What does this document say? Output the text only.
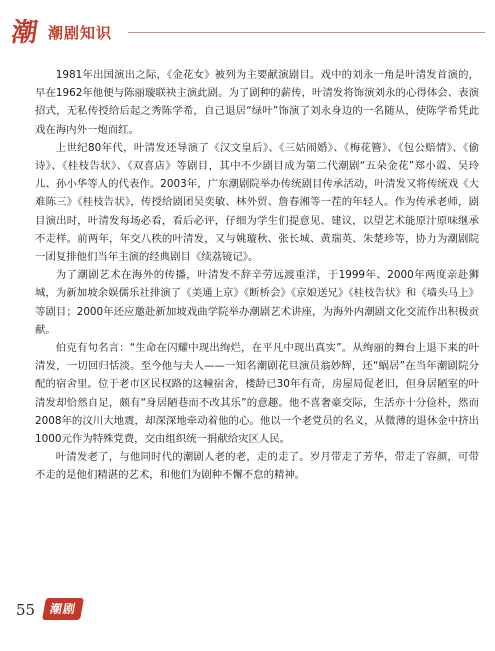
潮 潮剧知识

1981年出国演出之际，《金花女》被列为主要献演剧目。戏中的刘永一角是叶清发首演的，早在1962年他便与陈丽璇联袂主演此剧。为了剧种的薪传，叶清发将饰演刘永的心得体会、表演招式，无私传授给后起之秀陈学希，自己退居“绿叶”饰演了刘永身边的一名随从，使陈学希凭此戏在海内外一炮而红。

上世纪80年代，叶清发还导演了《汉文皇后》、《三姑闹婚》、《梅花簪》、《包公赔情》、《偷诗》、《桂枝告状》、《双喜店》等剧目，其中不少剧目成为第二代潮剧“五朵金花”郑小霞、吴玲儿、孙小华等人的代表作。2003年，广东潮剧院举办传统剧目传承活动，叶清发又将传统戏《大难陈三》《桂枝告状》，传授给剧团吴奕敏、林外贸、詹春湘等一茬的年轻人。作为传承老师，剧目演出时，叶清发每场必看，看后必评，仔细为学生们提意见、建议，以望艺术能原汁原味继承不走样。前两年，年交八秩的叶清发，又与姚璇秋、张长城、黄瑞英、朱楚珍等，协力为潮剧院一团复排他们当年主演的经典剧目《续荔镜记》。

为了潮剧艺术在海外的传播，叶清发不辞辛劳远渡重洋，于1999年、2000年两度亲赴狮城，为新加坡余娱儒乐社排演了《美通上京》《断桥会》《京娘送兄》《桂枝告状》和《墙头马上》等剧目；2000年还应邀赴新加坡戏曲学院举办潮剧艺术讲座，为海外内潮剧文化交流作出积极贡献。

伯克有句名言：“生命在闪耀中现出绚烂，在平凡中现出真实”。从绚丽的舞台上退下来的叶清发，一切回归恬淡。至今他与夫人——一知名潮剧花旦演员翁妙辉，还“蜗居”在当年潮剧院分配的宿舍里。位于老市区民权路的这幢宿舍，楼龄已30年有奇，房屋局促老旧，但身居陋室的叶清发却恰然自足，颇有“身居陋巷而不改其乐”的意趣。他不喜奢豪交际，生活亦十分俭朴，然而2008年的汶川大地震，却深深地牵动着他的心。他以一个老党员的名义，从微薄的退休金中挤出1000元作为特殊党费，交由组织统一捐献给灾区人民。

叶清发老了，与他同时代的潮剧人老的老，走的走了。岁月带走了芳华，带走了容颜，可带不走的是他们精湛的艺术，和他们为剧种不懈不怠的精神。

55	潮剧
